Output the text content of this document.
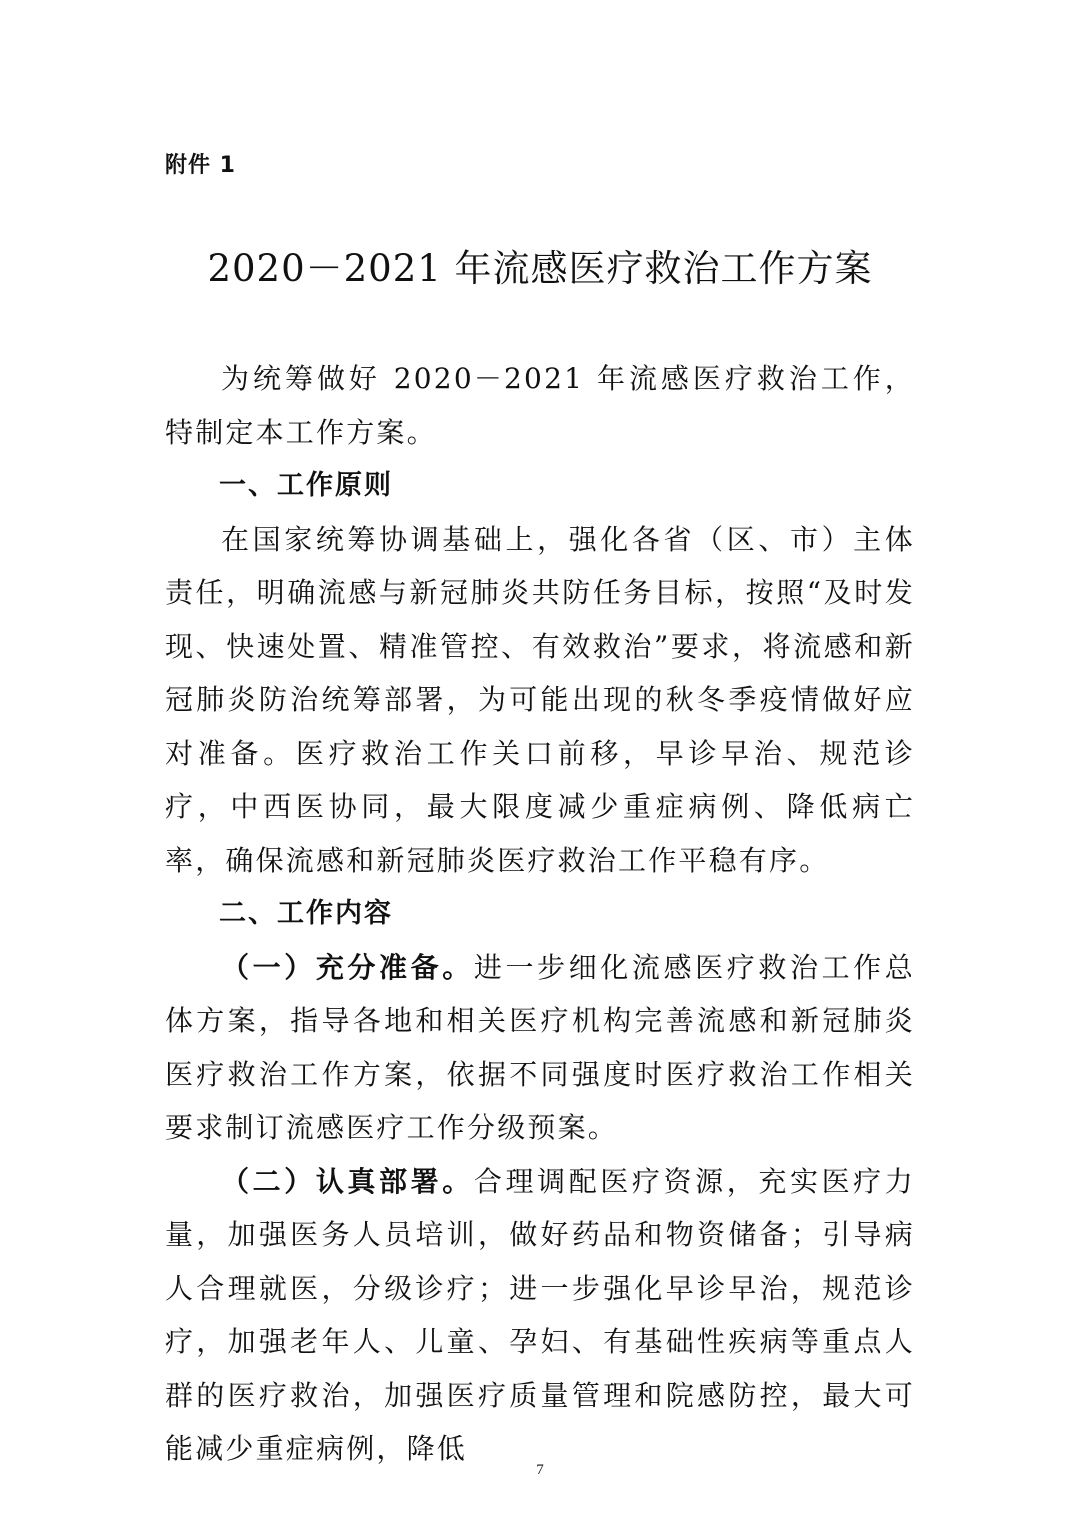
附件 1
2020－2021 年流感医疗救治工作方案

为统筹做好 2020－2021 年流感医疗救治工作，特制定本工作方案。

一、工作原则

在国家统筹协调基础上，强化各省（区、市）主体责任，明确流感与新冠肺炎共防任务目标，按照“及时发现、快速处置、精准管控、有效救治”要求，将流感和新冠肺炎防治统筹部署，为可能出现的秋冬季疫情做好应对准备。医疗救治工作关口前移，早诊早治、规范诊疗，中西医协同，最大限度减少重症病例、降低病亡率，确保流感和新冠肺炎医疗救治工作平稳有序。

二、工作内容

（一）充分准备。进一步细化流感医疗救治工作总体方案，指导各地和相关医疗机构完善流感和新冠肺炎医疗救治工作方案，依据不同强度时医疗救治工作相关要求制订流感医疗工作分级预案。

（二）认真部署。合理调配医疗资源，充实医疗力量，加强医务人员培训，做好药品和物资储备；引导病人合理就医，分级诊疗；进一步强化早诊早治，规范诊疗，加强老年人、儿童、孕妇、有基础性疾病等重点人群的医疗救治，加强医疗质量管理和院感防控，最大可能减少重症病例，降低

7
